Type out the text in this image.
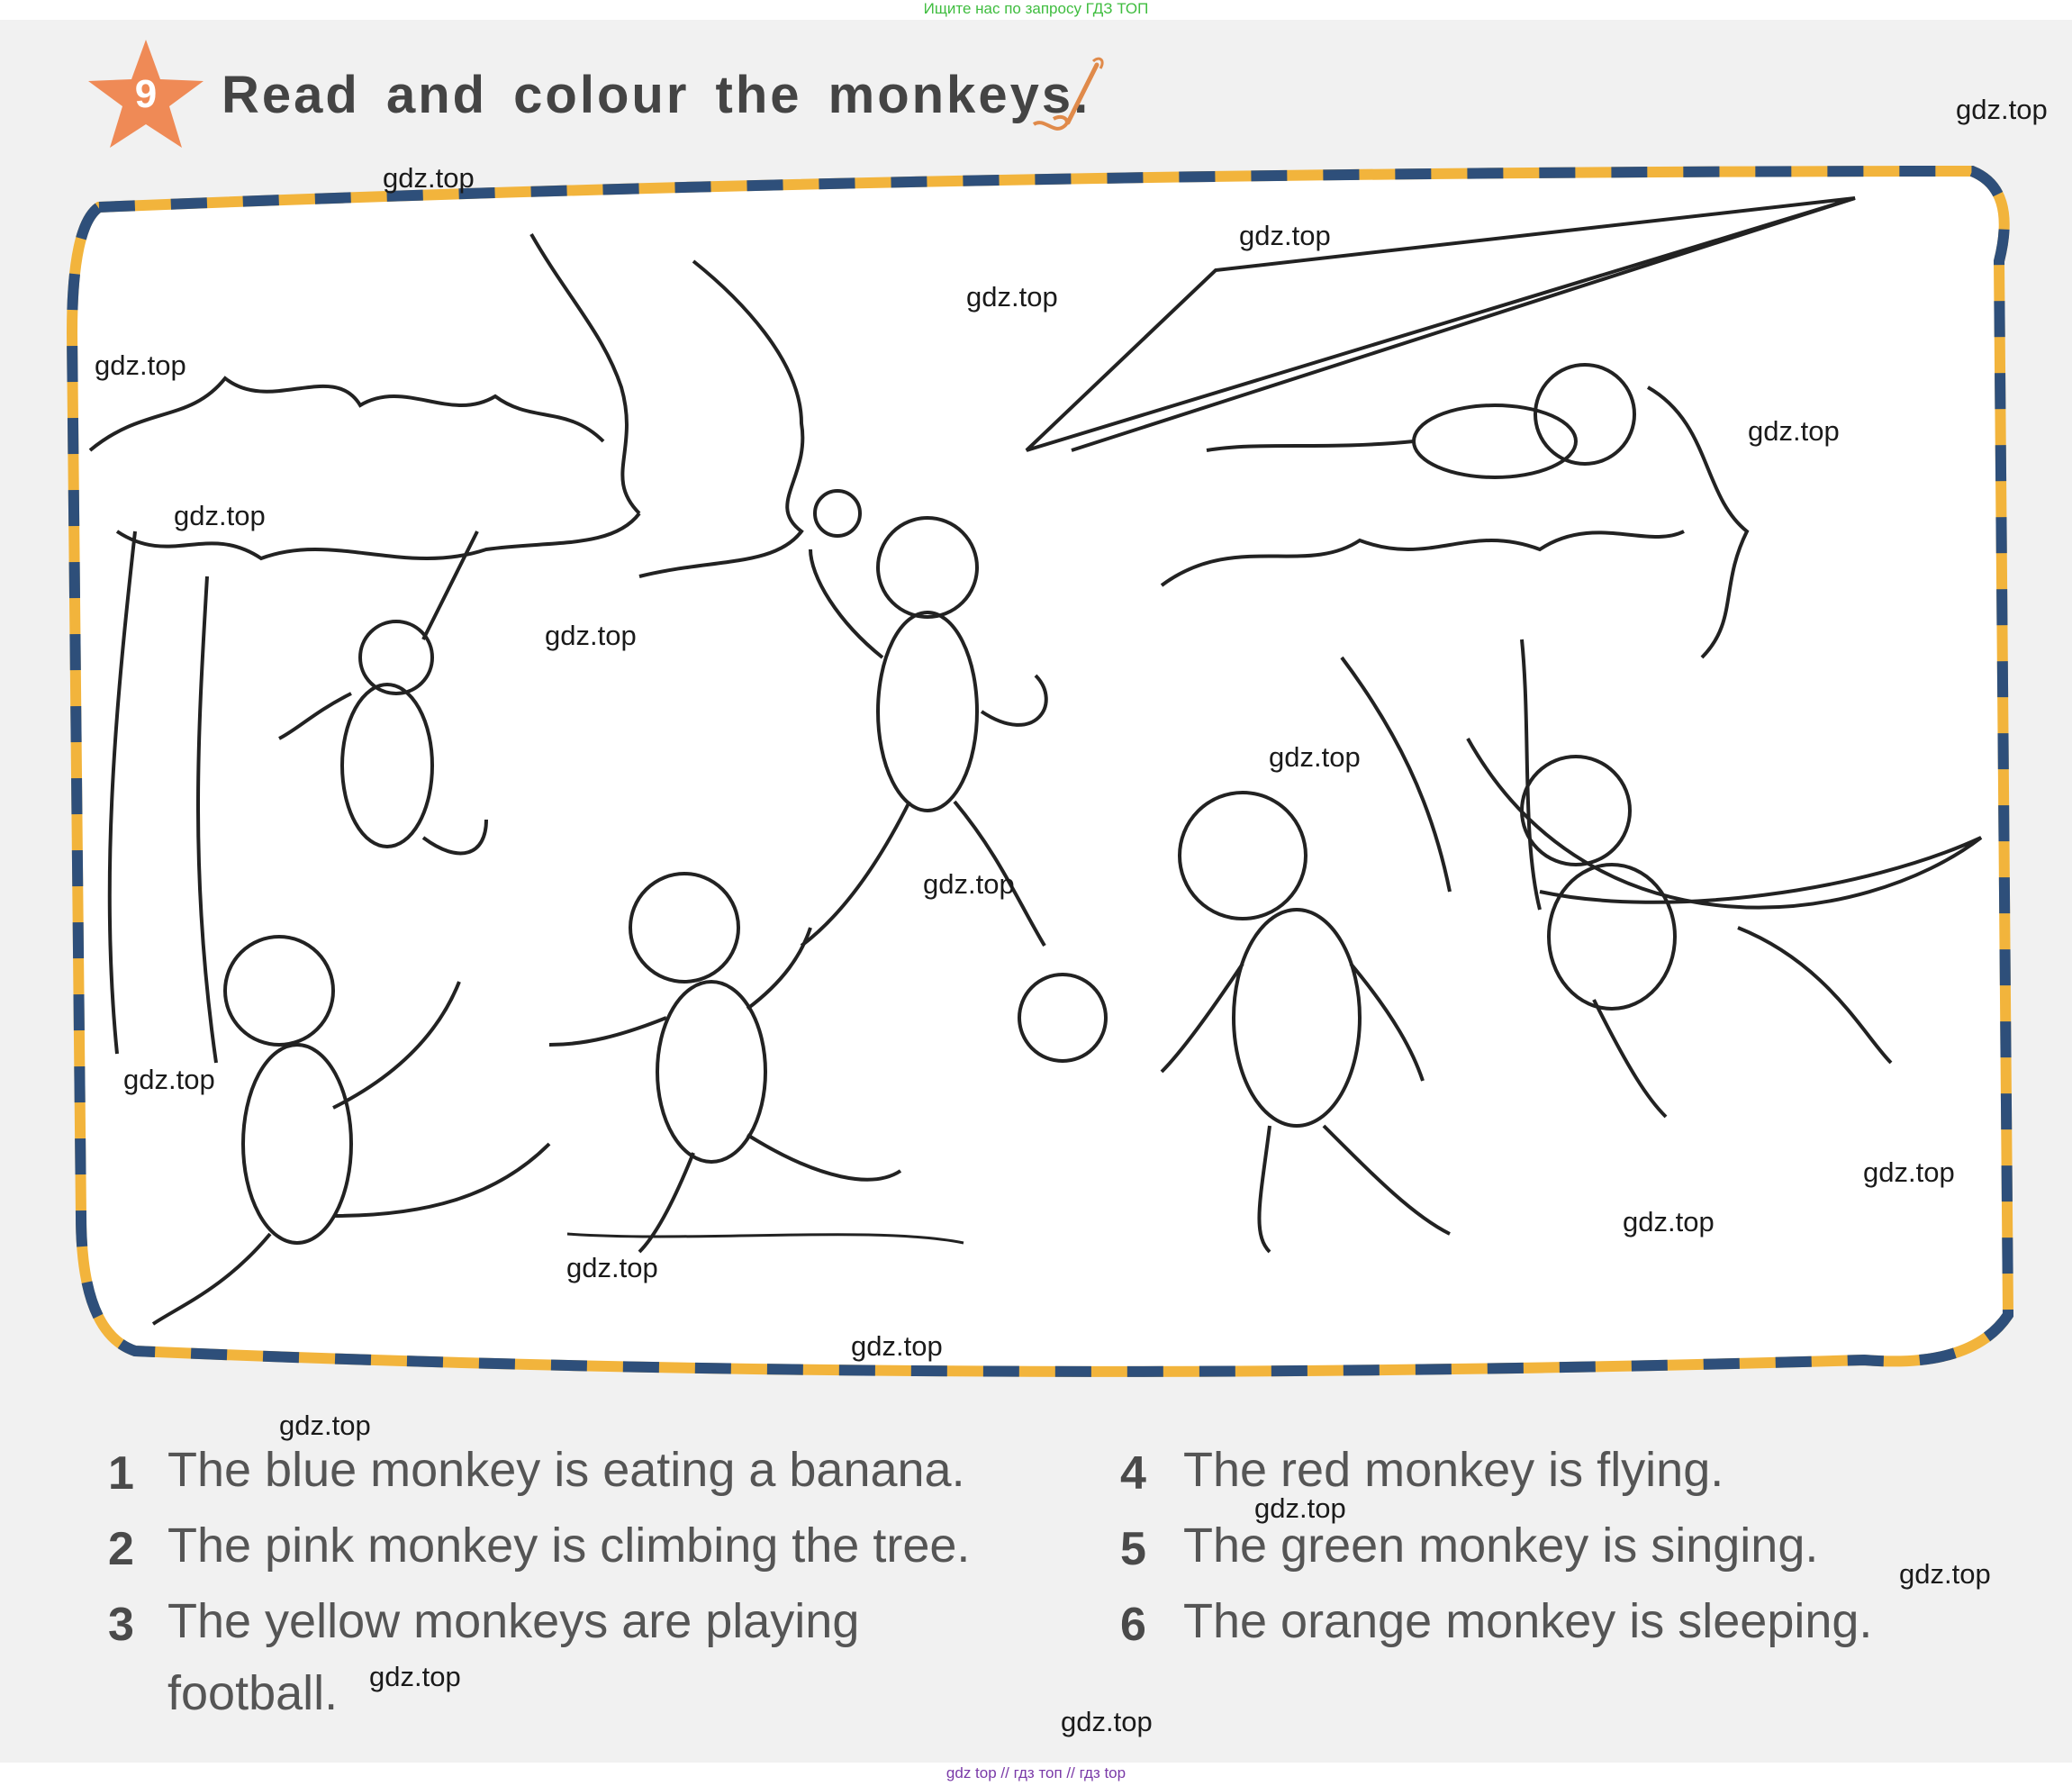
Ищите нас по запросу ГДЗ ТОП
9	Read and colour the monkeys.
1 The blue monkey is eating a banana.
2 The pink monkey is climbing the tree.
3 The yellow monkeys are playing
football.
4 The red monkey is flying.
5 The green monkey is singing.
6 The orange monkey is sleeping.
gdz.top
gdz.top
gdz.top
gdz.top
gdz.top
gdz.top
gdz.top
gdz.top
gdz.top
gdz.top
gdz.top
gdz.top
gdz.top
gdz.top
gdz.top
gdz.top
gdz.top
gdz.top
gdz.top
gdz.top
gdz top // гдз топ // гдз top
